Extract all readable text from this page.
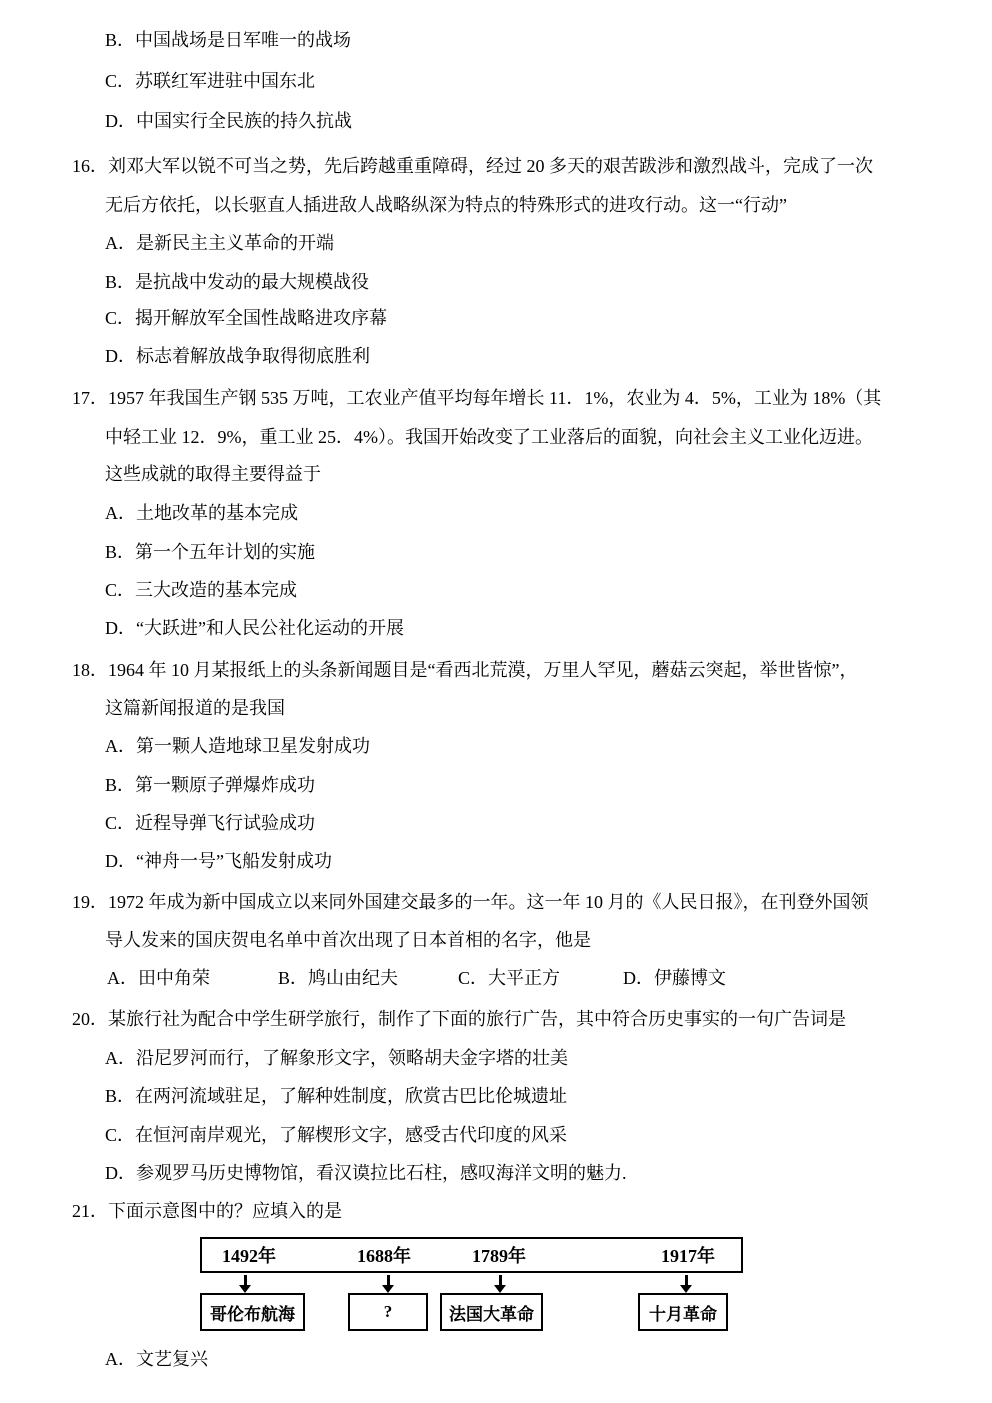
B．中国战场是日军唯一的战场
C．苏联红军进驻中国东北
D．中国实行全民族的持久抗战
16．刘邓大军以锐不可当之势，先后跨越重重障碍，经过 20 多天的艰苦跋涉和激烈战斗，完成了一次
无后方依托，以长驱直人插进敌人战略纵深为特点的特殊形式的进攻行动。这一“行动”
A．是新民主主义革命的开端
B．是抗战中发动的最大规模战役
C．揭开解放军全国性战略进攻序幕
D．标志着解放战争取得彻底胜利
17．1957 年我国生产钢 535 万吨，工农业产值平均每年增长 11．1%，农业为 4．5%，工业为 18%（其
中轻工业 12．9%，重工业 25．4%）。我国开始改变了工业落后的面貌，向社会主义工业化迈进。
这些成就的取得主要得益于
A．土地改革的基本完成
B．第一个五年计划的实施
C．三大改造的基本完成
D．“大跃进”和人民公社化运动的开展
18．1964 年 10 月某报纸上的头条新闻题目是“看西北荒漠，万里人罕见，蘑菇云突起，举世皆惊”，
这篇新闻报道的是我国
A．第一颗人造地球卫星发射成功
B．第一颗原子弹爆炸成功
C．近程导弹飞行试验成功
D．“神舟一号”飞船发射成功
19．1972 年成为新中国成立以来同外国建交最多的一年。这一年 10 月的《人民日报》，在刊登外国领
导人发来的国庆贺电名单中首次出现了日本首相的名字，他是
A．田中角荣	B．鸠山由纪夫	C．大平正方	D．伊藤博文
20．某旅行社为配合中学生研学旅行，制作了下面的旅行广告，其中符合历史事实的一句广告词是
A．沿尼罗河而行，了解象形文字，领略胡夫金字塔的壮美
B．在两河流域驻足，了解种姓制度，欣赏古巴比伦城遗址
C．在恒河南岸观光，了解楔形文字，感受古代印度的风采
D．参观罗马历史博物馆，看汉谟拉比石柱，感叹海洋文明的魅力.
21．下面示意图中的？应填入的是
1492年	1688年	1789年	1917年
哥伦布航海	?	法国大革命	十月革命
A．文艺复兴
